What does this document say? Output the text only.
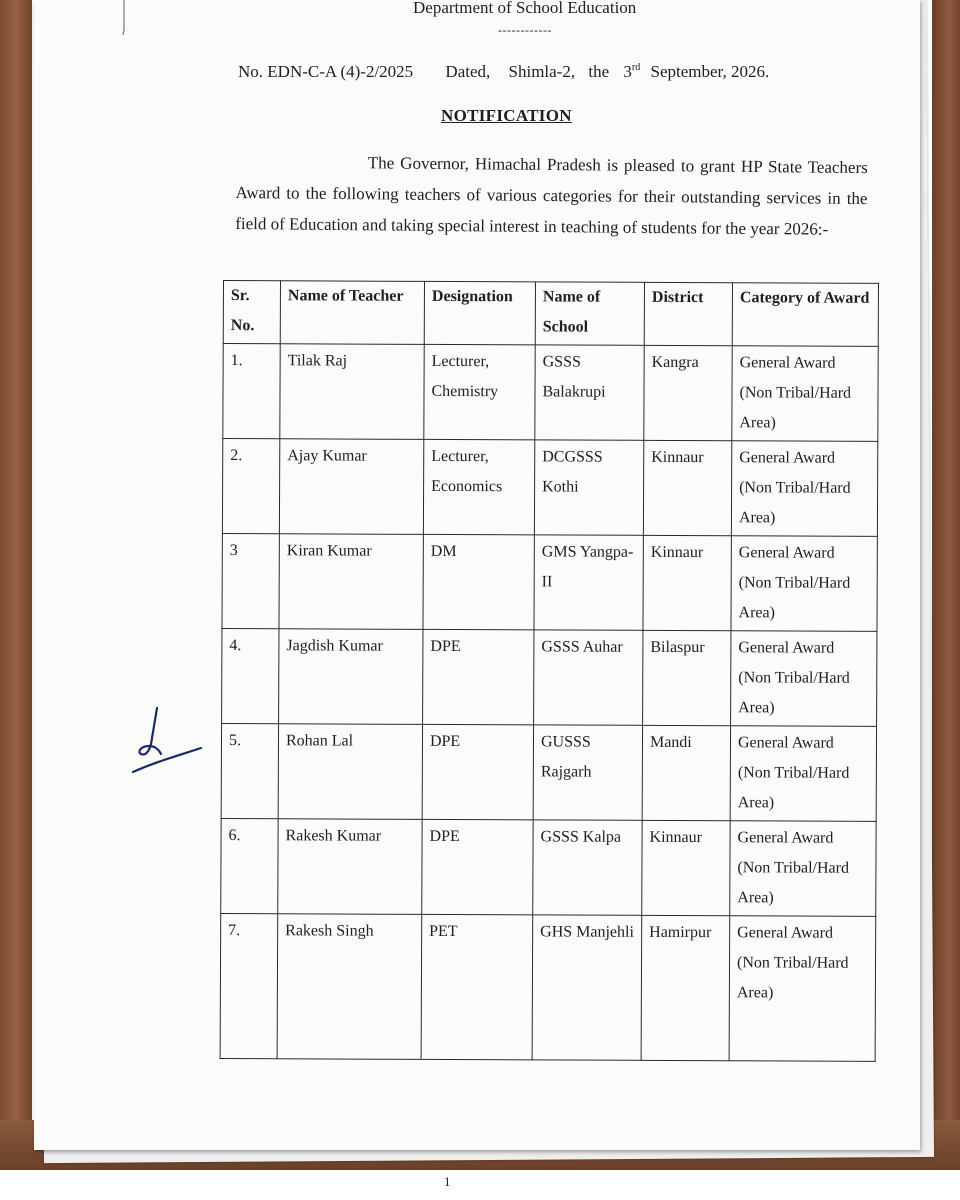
Department of School Education
------------
No. EDN-C-A (4)-2/2025 Dated, Shimla-2, the 3rd September, 2026.
NOTIFICATION
The Governor, Himachal Pradesh is pleased to grant HP State Teachers Award to the following teachers of various categories for their outstanding services in the field of Education and taking special interest in teaching of students for the year 2026:-
Sr. No.	Name of Teacher	Designation	Name of School	District	Category of Award
1.	Tilak Raj	Lecturer, Chemistry	GSSS Balakrupi	Kangra	General Award (Non Tribal/Hard Area)
2.	Ajay Kumar	Lecturer, Economics	DCGSSS Kothi	Kinnaur	General Award (Non Tribal/Hard Area)
3	Kiran Kumar	DM	GMS Yangpa-II	Kinnaur	General Award (Non Tribal/Hard Area)
4.	Jagdish Kumar	DPE	GSSS Auhar	Bilaspur	General Award (Non Tribal/Hard Area)
5.	Rohan Lal	DPE	GUSSS Rajgarh	Mandi	General Award (Non Tribal/Hard Area)
6.	Rakesh Kumar	DPE	GSSS Kalpa	Kinnaur	General Award (Non Tribal/Hard Area)
7.	Rakesh Singh	PET	GHS Manjehli	Hamirpur	General Award (Non Tribal/Hard Area)
1
